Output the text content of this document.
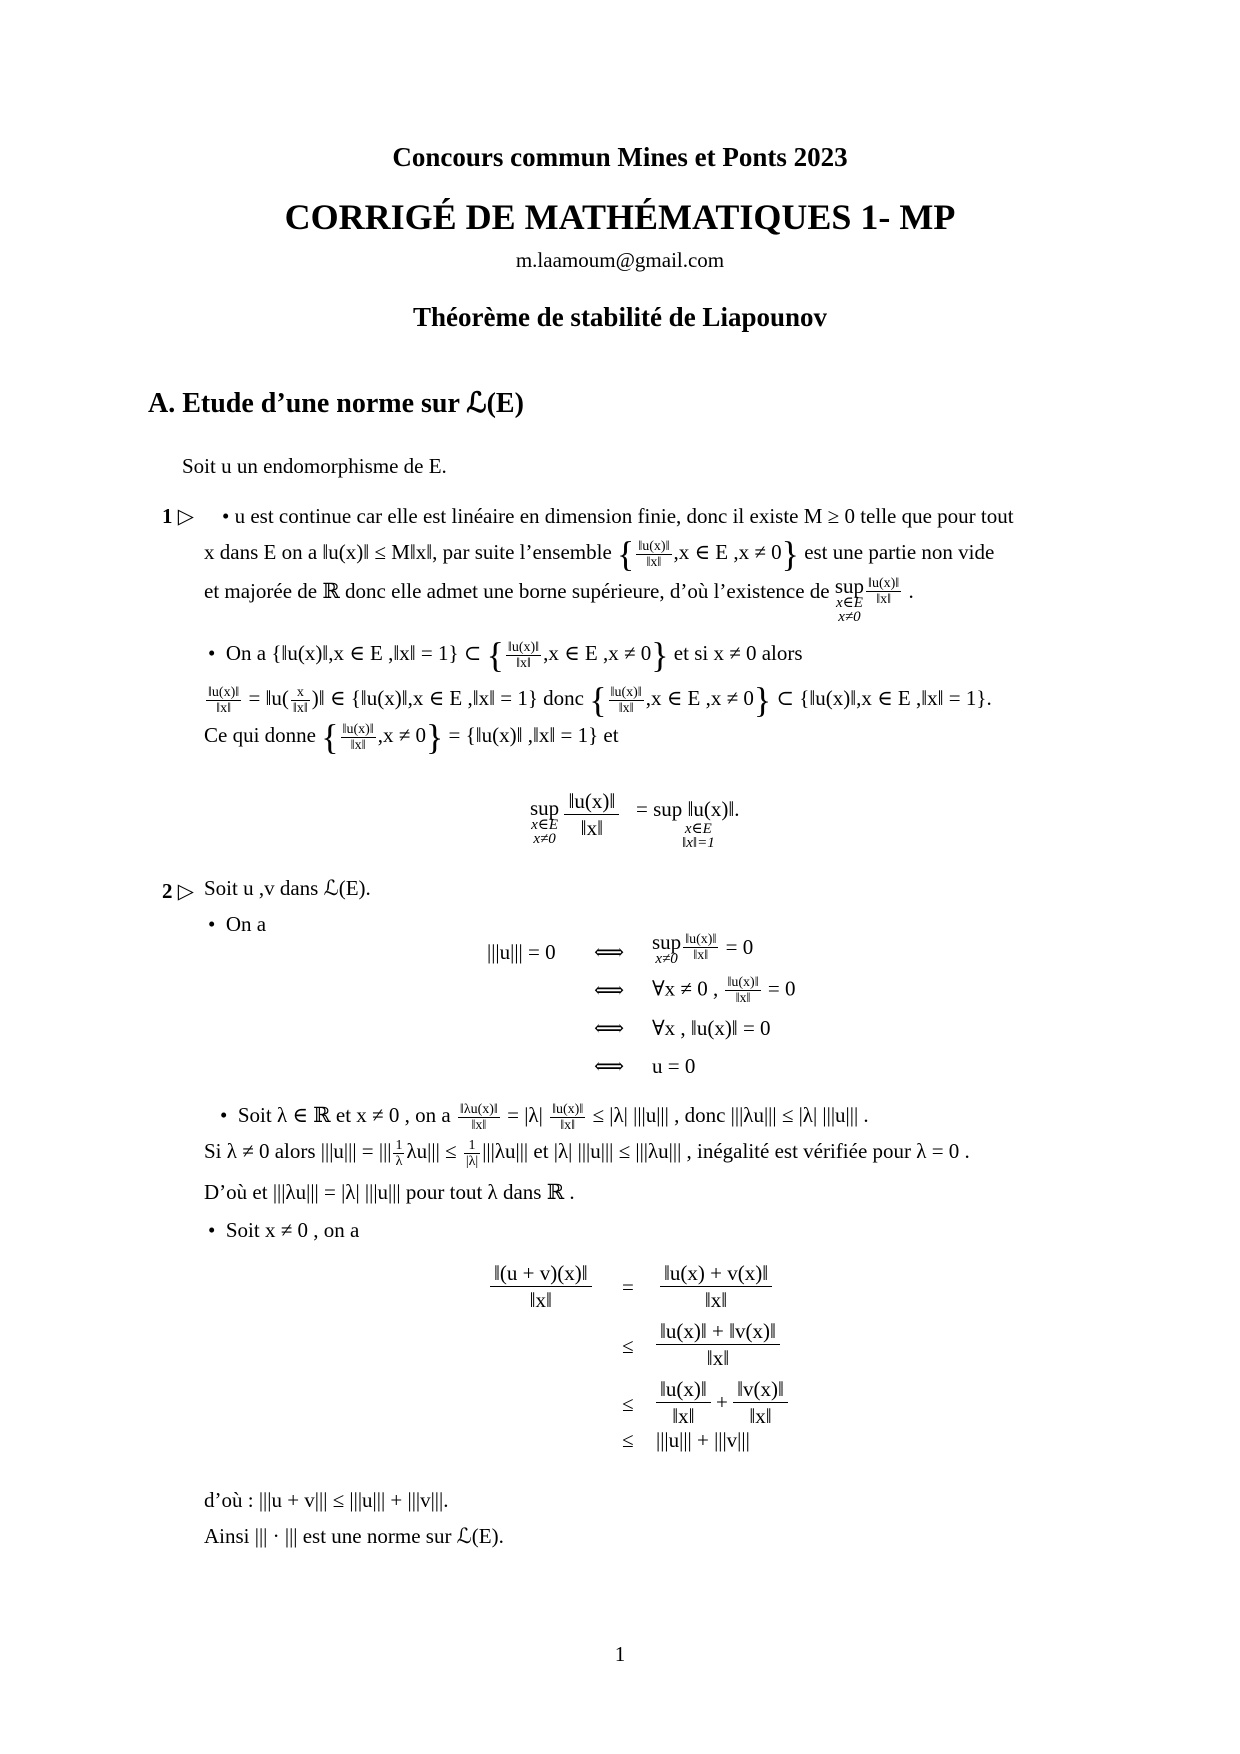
Concours commun Mines et Ponts 2023
CORRIGÉ DE MATHÉMATIQUES 1- MP
m.laamoum@gmail.com
Théorème de stabilité de Liapounov
A. Etude d’une norme sur ℒ(E)
Soit u un endomorphisme de E.
1 ▷ • u est continue car elle est linéaire en dimension finie, donc il existe M ≥ 0 telle que pour tout
x dans E on a ‖u(x)‖ ≤ M‖x‖, par suite l’ensemble { $\frac{‖u(x)‖}{‖x‖} ,x$ ∈ E ,x ≠ 0} est une partie non vide
et majorée de ℝ donc elle admet une borne supérieure, d’où l’existence de sup
x∈E
x≠0
$\frac{‖u(x)‖}{‖x‖}$ .
•  On a {‖u(x)‖,x ∈ E ,‖x‖ = 1} ⊂ { $\frac{‖u(x)‖}{‖x‖} ,x$ ∈ E ,x ≠ 0} et si x ≠ 0 alors
$\frac{‖u(x)‖}{‖x‖}$ = ‖u( $\frac{x}{‖x‖}$ )‖ ∈ {‖u(x)‖,x ∈ E ,‖x‖ = 1} donc { $\frac{‖u(x)‖}{‖x‖} ,x$ ∈ E ,x ≠ 0} ⊂ {‖u(x)‖,x ∈ E ,‖x‖ = 1}.
Ce qui donne { $\frac{‖u(x)‖}{‖x‖} ,x \ne 0$} = {‖u(x)‖ ,‖x‖ = 1} et
sup
x∈E
x≠0
$\frac{‖u(x)‖}{‖x‖}$ = sup ‖u(x)‖.
x∈E
‖x‖=1
2 ▷ Soit u ,v dans ℒ(E).
•  On a
|||u||| = 0 ⟺ sup
$x\ne 0 \frac{‖u(x)‖}{‖x‖} = 0$
⟺ ∀x ≠ 0 , $\frac{‖u(x)‖}{‖x‖} = 0$
⟺ ∀x , ‖u(x)‖ = 0
⟺ u = 0
•  Soit λ ∈ ℝ et x ≠ 0 , on a $\frac{‖\lambda u(x)‖}{‖x‖} = |\lambda| \frac{‖u(x)‖}{‖x‖} \le |\lambda|$ |||u||| , donc |||λu||| ≤ |λ| |||u||| .
Si λ ≠ 0 alors |||u||| = ||| $\frac{1}{\lambda} \lambda u||| \le \frac{1}{|\lambda|} |||\lambda u|||$ et |λ| |||u||| ≤ |||λu||| , inégalité est vérifiée pour λ = 0 .
D’où et |||λu||| = |λ| |||u||| pour tout λ dans ℝ .
•  Soit x ≠ 0 , on a
$\frac{‖(u + v)(x)‖}{‖x‖} = \frac{‖u(x) + v(x)‖}{‖x‖}$
≤ $\frac{‖u(x)‖ + ‖v(x)‖}{‖x‖}$
≤ $\frac{‖u(x)‖}{‖x‖} + \frac{‖v(x)‖}{‖x‖}$
≤ |||u||| + |||v|||
d’où : |||u + v||| ≤ |||u||| + |||v|||.
Ainsi ||| · ||| est une norme sur ℒ(E).
1
